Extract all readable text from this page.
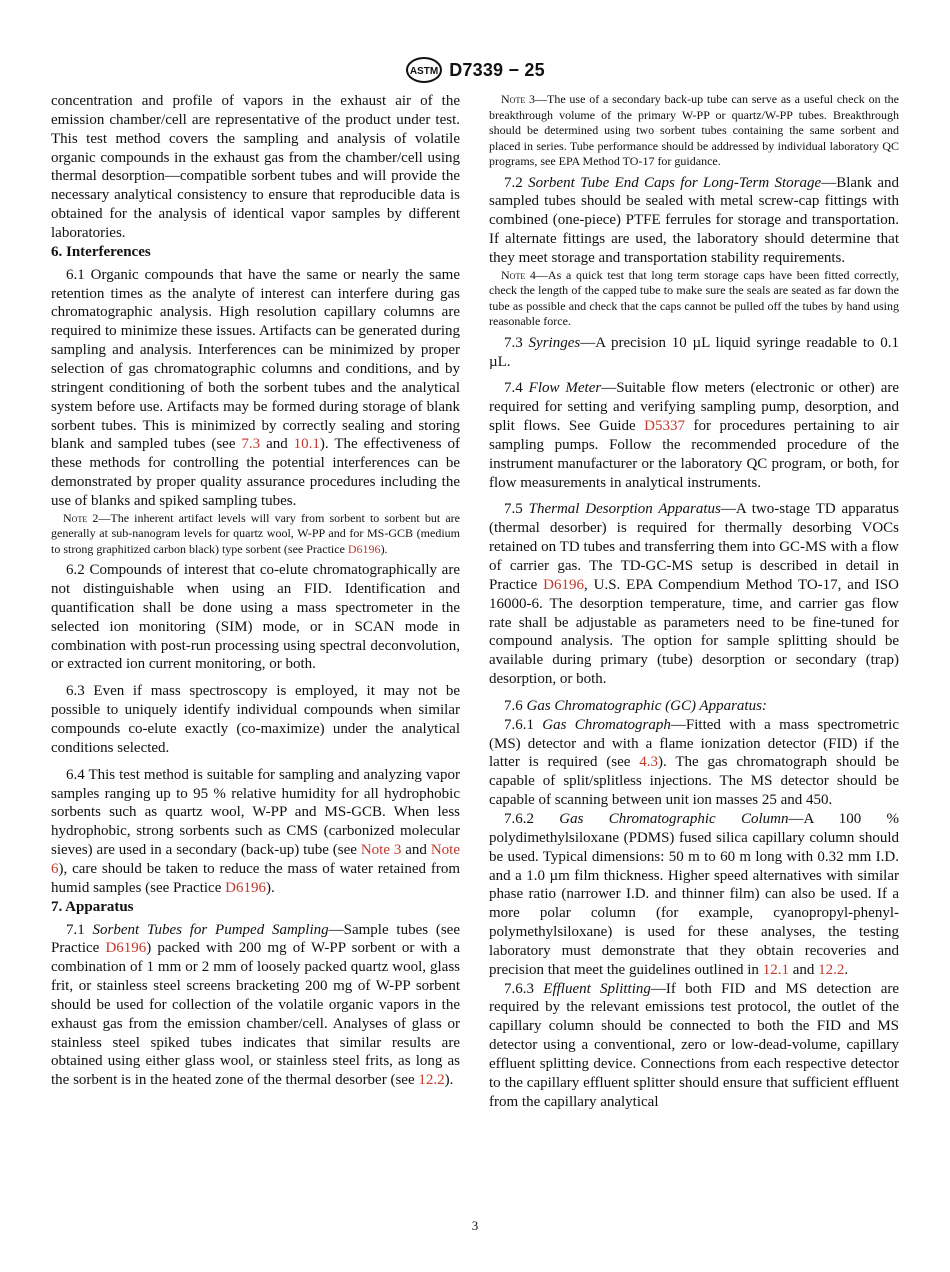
ASTM D7339 − 25

concentration and profile of vapors in the exhaust air of the emission chamber/cell are representative of the product under test. This test method covers the sampling and analysis of volatile organic compounds in the exhaust gas from the chamber/cell using thermal desorption—compatible sorbent tubes and will provide the necessary analytical consistency to ensure that reproducible data is obtained for the analysis of identical vapor samples by different laboratories.

6. Interferences

6.1 Organic compounds that have the same or nearly the same retention times as the analyte of interest can interfere during gas chromatographic analysis. High resolution capillary columns are required to minimize these issues. Artifacts can be generated during sampling and analysis. Interferences can be minimized by proper selection of gas chromatographic columns and conditions, and by stringent conditioning of both the sorbent tubes and the analytical system before use. Artifacts may be formed during storage of blank sorbent tubes. This is minimized by correctly sealing and storing blank and sampled tubes (see 7.3 and 10.1). The effectiveness of these methods for controlling the potential interferences can be demonstrated by proper quality assurance procedures including the use of blanks and spiked sampling tubes.

Note 2—The inherent artifact levels will vary from sorbent to sorbent but are generally at sub-nanogram levels for quartz wool, W-PP and for MS-GCB (medium to strong graphitized carbon black) type sorbent (see Practice D6196).

6.2 Compounds of interest that co-elute chromatographically are not distinguishable when using an FID. Identification and quantification shall be done using a mass spectrometer in the selected ion monitoring (SIM) mode, or in SCAN mode in combination with post-run processing using spectral deconvolution, or extracted ion current monitoring, or both.

6.3 Even if mass spectroscopy is employed, it may not be possible to uniquely identify individual compounds when similar compounds co-elute exactly (co-maximize) under the analytical conditions selected.

6.4 This test method is suitable for sampling and analyzing vapor samples ranging up to 95 % relative humidity for all hydrophobic sorbents such as quartz wool, W-PP and MS-GCB. When less hydrophobic, strong sorbents such as CMS (carbonized molecular sieves) are used in a secondary (back-up) tube (see Note 3 and Note 6), care should be taken to reduce the mass of water retained from humid samples (see Practice D6196).

7. Apparatus

7.1 Sorbent Tubes for Pumped Sampling—Sample tubes (see Practice D6196) packed with 200 mg of W-PP sorbent or with a combination of 1 mm or 2 mm of loosely packed quartz wool, glass frit, or stainless steel screens bracketing 200 mg of W-PP sorbent should be used for collection of the volatile organic vapors in the exhaust gas from the emission chamber/cell. Analyses of glass or stainless steel spiked tubes indicates that similar results are obtained using either glass wool, or stainless steel frits, as long as the sorbent is in the heated zone of the thermal desorber (see 12.2).

Note 3—The use of a secondary back-up tube can serve as a useful check on the breakthrough volume of the primary W-PP or quartz/W-PP tubes. Breakthrough should be determined using two sorbent tubes containing the same sorbent and placed in series. Tube performance should be addressed by individual laboratory QC programs, see EPA Method TO-17 for guidance.

7.2 Sorbent Tube End Caps for Long-Term Storage—Blank and sampled tubes should be sealed with metal screw-cap fittings with combined (one-piece) PTFE ferrules for storage and transportation. If alternate fittings are used, the laboratory should determine that they meet storage and transportation stability requirements.

Note 4—As a quick test that long term storage caps have been fitted correctly, check the length of the capped tube to make sure the seals are seated as far down the tube as possible and check that the caps cannot be pulled off the tubes by hand using reasonable force.

7.3 Syringes—A precision 10 µL liquid syringe readable to 0.1 µL.

7.4 Flow Meter—Suitable flow meters (electronic or other) are required for setting and verifying sampling pump, desorption, and split flows. See Guide D5337 for procedures pertaining to air sampling pumps. Follow the recommended procedure of the instrument manufacturer or the laboratory QC program, or both, for flow measurements in analytical instruments.

7.5 Thermal Desorption Apparatus—A two-stage TD apparatus (thermal desorber) is required for thermally desorbing VOCs retained on TD tubes and transferring them into GC-MS with a flow of carrier gas. The TD-GC-MS setup is described in detail in Practice D6196, U.S. EPA Compendium Method TO-17, and ISO 16000-6. The desorption temperature, time, and carrier gas flow rate shall be adjustable as parameters need to be fine-tuned for compound analysis. The option for sample splitting should be available during primary (tube) desorption or secondary (trap) desorption, or both.

7.6 Gas Chromatographic (GC) Apparatus:

7.6.1 Gas Chromatograph—Fitted with a mass spectrometric (MS) detector and with a flame ionization detector (FID) if the latter is required (see 4.3). The gas chromatograph should be capable of split/splitless injections. The MS detector should be capable of scanning between unit ion masses 25 and 450.

7.6.2 Gas Chromatographic Column—A 100 % polydimethylsiloxane (PDMS) fused silica capillary column should be used. Typical dimensions: 50 m to 60 m long with 0.32 mm I.D. and a 1.0 µm film thickness. Higher speed alternatives with similar phase ratio (narrower I.D. and thinner film) can also be used. If a more polar column (for example, cyanopropyl-phenyl-polymethylsiloxane) is used for these analyses, the testing laboratory must demonstrate that they obtain recoveries and precision that meet the guidelines outlined in 12.1 and 12.2.

7.6.3 Effluent Splitting—If both FID and MS detection are required by the relevant emissions test protocol, the outlet of the capillary column should be connected to both the FID and MS detector using a conventional, zero or low-dead-volume, capillary effluent splitting device. Connections from each respective detector to the capillary effluent splitter should ensure that sufficient effluent from the capillary analytical

3
